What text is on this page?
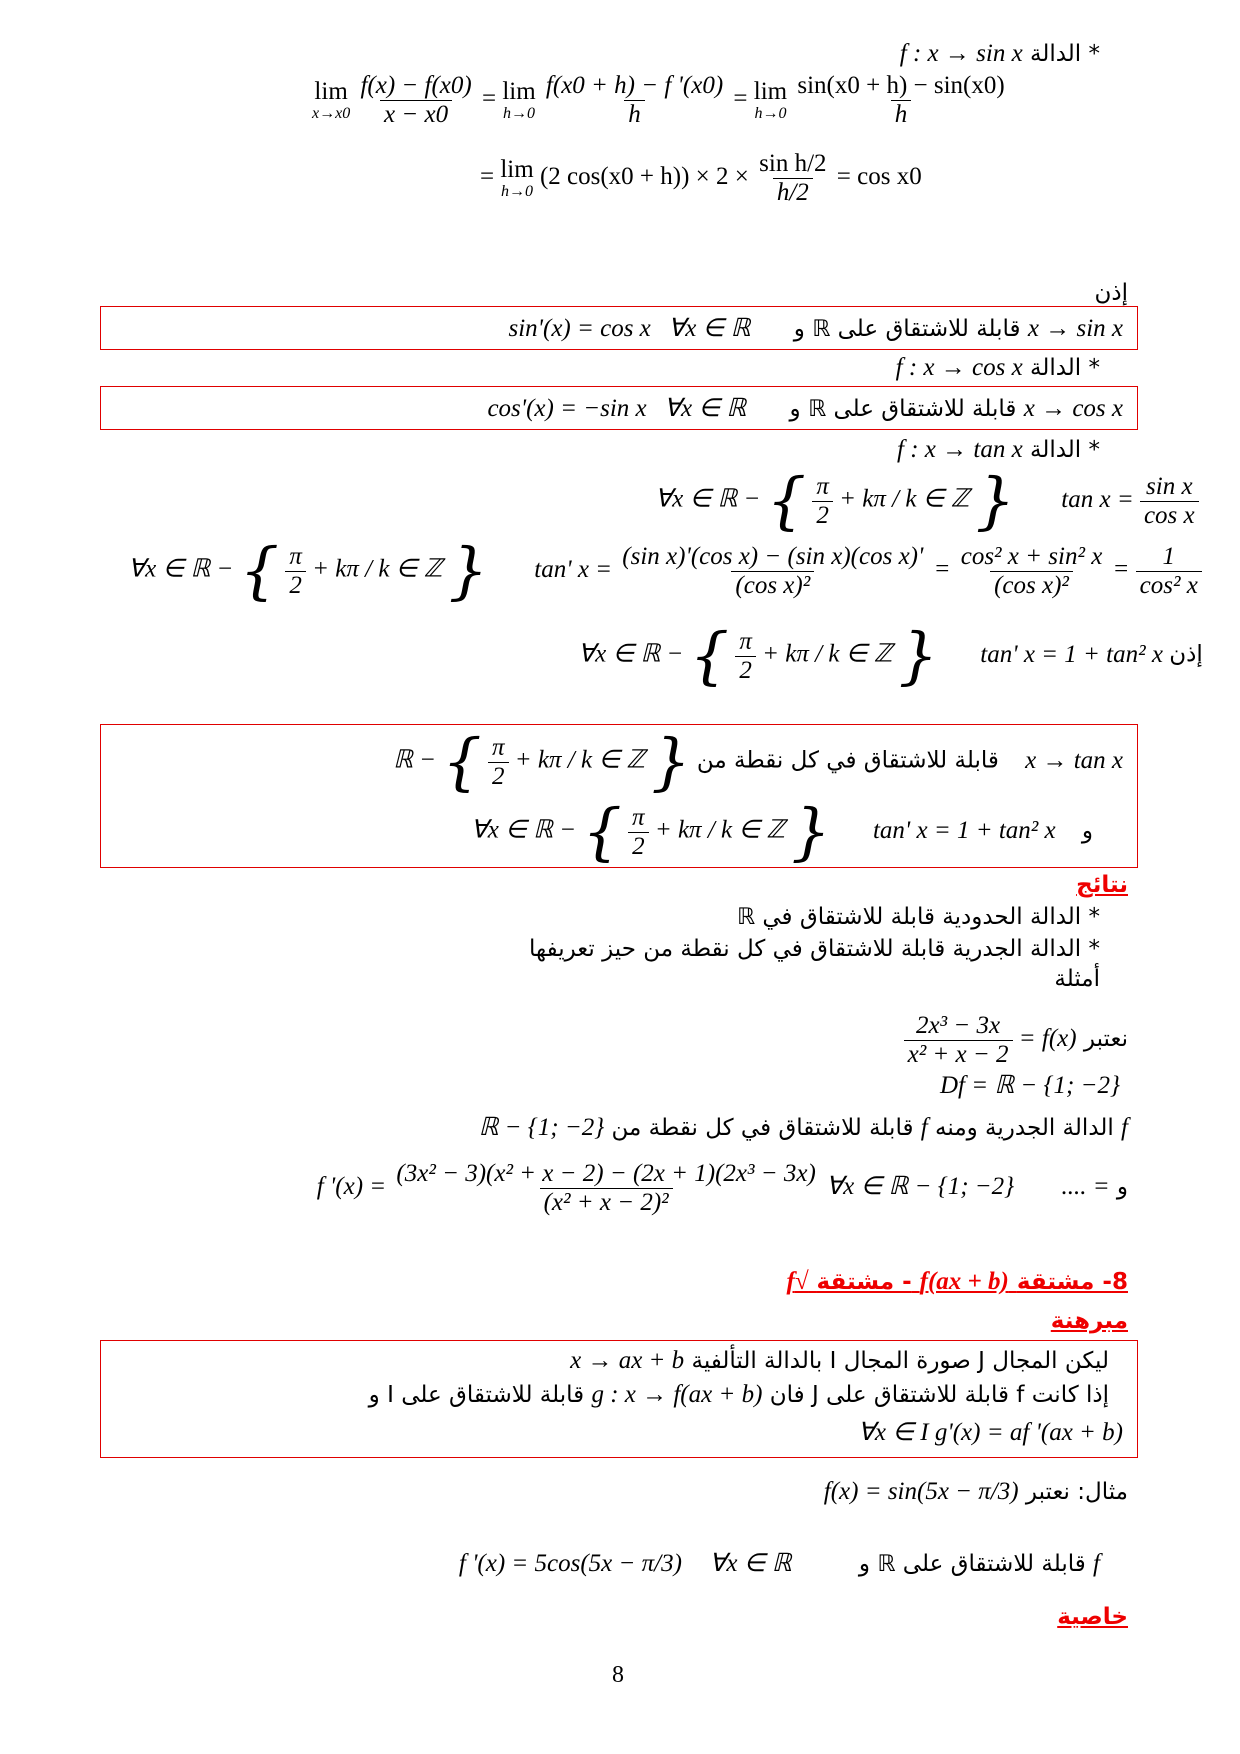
* الدالة f : x → sin x
lim
x→x0
$\frac{f(x) - f(x0)}{x - x0} = \lim$
h→0
$\frac{f(x0 + h) - f '(x0)}{h} = \lim$
h→0
$\frac{\sin(x0 + h) - \sin(x0)}{h}$
= lim
h→0
(2 $\cos(x0 + h)) \times 2 \times \frac{\text{sin h/2}}{h/2} = \cos x0$
إذن
x → sin x قابلة للاشتقاق على ℝ و sin'(x) = cos x ∀x ∈ ℝ
* الدالة f : x → cos x
x → cos x قابلة للاشتقاق على ℝ و cos'(x) = −sin x ∀x ∈ ℝ
* الدالة f : x → tan x
∀x ∈ ℝ − { $\frac{\pi}{2} + k\pi / k$ ∈ ℤ } $\tan x = \frac{\text{sin x}}{\text{cos x}}$
∀x ∈ ℝ − { $\frac{\pi}{2} + k\pi / k$ ∈ ℤ } tan' $x = \frac{\text{(sin x)'(cos x) − (sin x)(cos x)'}}{\text{(cos x)²}} = \frac{\text{cos² x + sin² x}}{\text{(cos x)²}} = \frac{1}{\text{cos² x}}$
∀x ∈ ℝ − { $\frac{\pi}{2} + k\pi / k$ ∈ ℤ } tan' x = 1 + tan² x إذن
ℝ − { $\frac{\pi}{2} + k\pi / k$ ∈ ℤ } قابلة للاشتقاق في كل نقطة من x → tan x
∀x ∈ ℝ − { $\frac{\pi}{2} + k\pi / k$ ∈ ℤ } tan' x = 1 + tan² x و
نتائج
* الدالة الحدودية قابلة للاشتقاق في ℝ
* الدالة الجدرية قابلة للاشتقاق في كل نقطة من حيز تعريفها
أمثلة
نعتبر f(x) =
$\frac{\text{2x³ − 3x}}{\text{x² + x − 2}}$
Df = ℝ − {1; −2}
f الدالة الجدرية ومنه f قابلة للاشتقاق في كل نقطة من ℝ − {1; −2}
و = .... f '$(x) = \frac{\text{(3x² − 3)(x² + x − 2) − (2x + 1)(2x³ − 3x)}}{\text{(x² + x − 2)²}}$ ∀x ∈ ℝ − {1; −2}
8- مشتقة f(ax + b) - مشتقة √f
مبرهنة
ليكن المجال J صورة المجال I بالدالة التألفية x → ax + b
إذا كانت f قابلة للاشتقاق على J فان g : x → f(ax + b) قابلة للاشتقاق على I و
∀x ∈ I g'(x) = af '(ax + b)
مثال: نعتبر f(x) = sin(5x − π/3)
f قابلة للاشتقاق على ℝ و f '(x) = 5cos(5x − π/3) ∀x ∈ ℝ
خاصية
8
